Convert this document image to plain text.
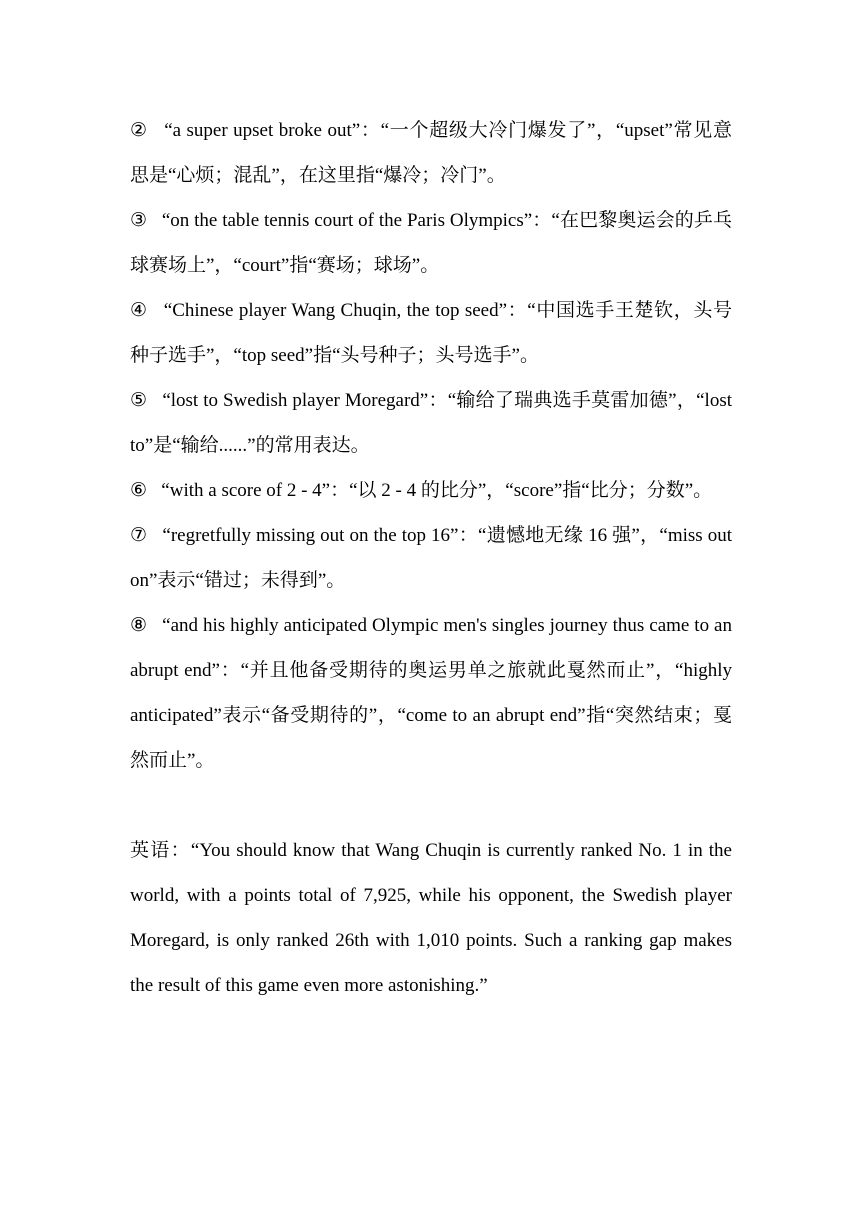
② “a super upset broke out”：“一个超级大冷门爆发了”，“upset”常见意思是“心烦；混乱”，在这里指“爆冷；冷门”。

③ “on the table tennis court of the Paris Olympics”：“在巴黎奥运会的乒乓球赛场上”，“court”指“赛场；球场”。

④ “Chinese player Wang Chuqin, the top seed”：“中国选手王楚钦，头号种子选手”，“top seed”指“头号种子；头号选手”。

⑤ “lost to Swedish player Moregard”：“输给了瑞典选手莫雷加德”，“lost to”是“输给......”的常用表达。

⑥ “with a score of 2 - 4”：“以 2 - 4 的比分”，“score”指“比分；分数”。

⑦ “regretfully missing out on the top 16”：“遗憾地无缘 16 强”，“miss out on”表示“错过；未得到”。

⑧ “and his highly anticipated Olympic men's singles journey thus came to an abrupt end”：“并且他备受期待的奥运男单之旅就此戛然而止”，“highly anticipated”表示“备受期待的”，“come to an abrupt end”指“突然结束；戛然而止”。

英语：“You should know that Wang Chuqin is currently ranked No. 1 in the world, with a points total of 7,925, while his opponent, the Swedish player Moregard, is only ranked 26th with 1,010 points. Such a ranking gap makes the result of this game even more astonishing.”
